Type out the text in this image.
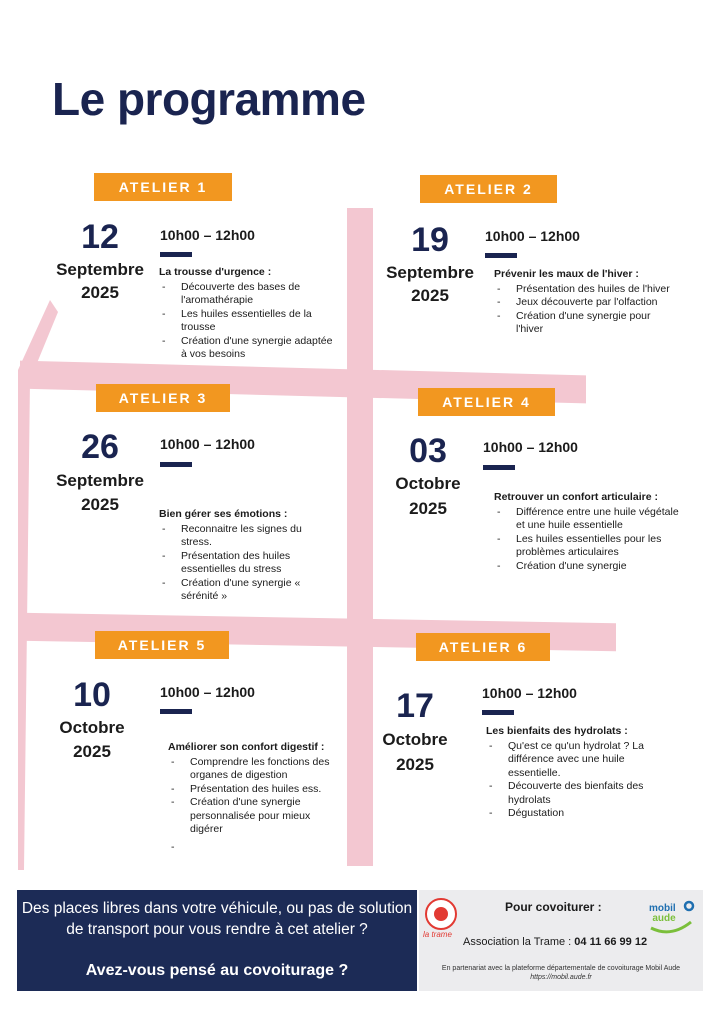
Le programme
ATELIER 1
12
Septembre
2025
10h00 – 12h00
La trousse d'urgence :
- Découverte des bases de l'aromathérapie
- Les huiles essentielles de la trousse
- Création d'une synergie adaptée à vos besoins
ATELIER 2
19
Septembre
2025
10h00 – 12h00
Prévenir les maux de l'hiver :
- Présentation des huiles de l'hiver
- Jeux découverte par l'olfaction
- Création d'une synergie pour l'hiver
ATELIER 3
26
Septembre
2025
10h00 – 12h00
Bien gérer ses émotions :
- Reconnaitre les signes du stress.
- Présentation des huiles essentielles du stress
- Création d'une synergie « sérénité »
ATELIER 4
03
Octobre
2025
10h00 – 12h00
Retrouver un confort articulaire :
- Différence entre une huile végétale et une huile essentielle
- Les huiles essentielles pour les problèmes articulaires
- Création d'une synergie
ATELIER 5
10
Octobre
2025
10h00 – 12h00
Améliorer son confort digestif :
- Comprendre les fonctions des organes de digestion
- Présentation des huiles ess.
- Création d'une synergie personnalisée pour mieux digérer
-
ATELIER 6
17
Octobre
2025
10h00 – 12h00
Les bienfaits des hydrolats :
- Qu'est ce qu'un hydrolat ? La différence avec une huile essentielle.
- Découverte des bienfaits des hydrolats
- Dégustation
Des places libres dans votre véhicule, ou pas de solution de transport pour vous rendre à cet atelier ?
Avez-vous pensé au covoiturage ?
la trame
Pour covoiturer :
Association la Trame : 04 11 66 99 12
mobil
aude
En partenariat avec la plateforme départementale de covoiturage Mobil Aude
https://mobil.aude.fr
